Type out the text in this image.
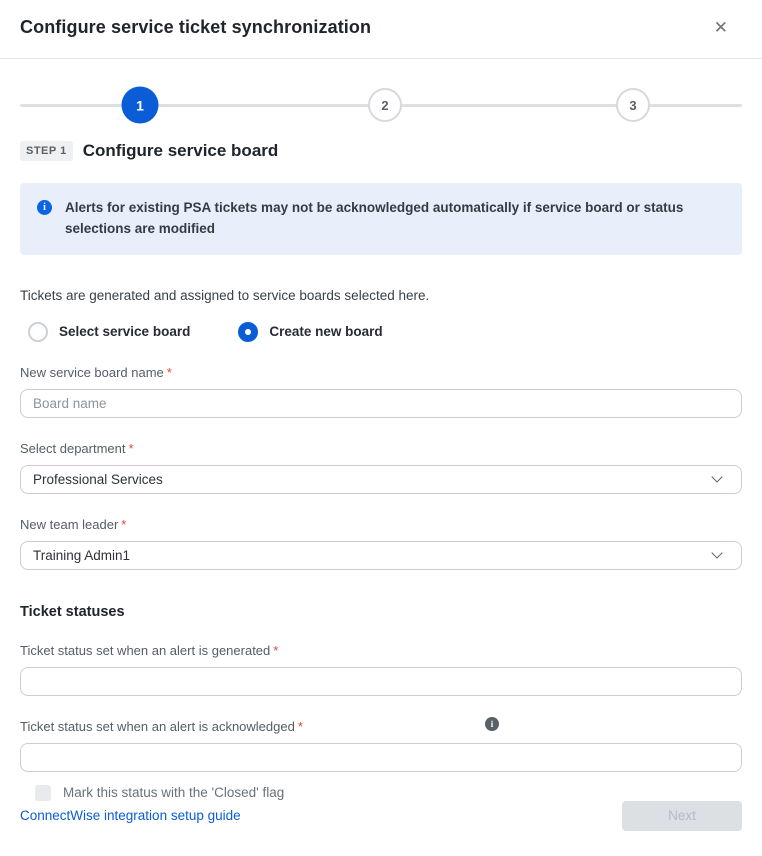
Configure service ticket synchronization	✕
1	2	3
STEP 1 Configure service board
i	Alerts for existing PSA tickets may not be acknowledged automatically if service board or status selections are modified
Tickets are generated and assigned to service boards selected here.
Select service board	Create new board
New service board name * Board name
Select department *
Professional Services
New team leader *
Training Admin1
Ticket statuses
Ticket status set when an alert is generated *
Ticket status set when an alert is acknowledged *	i
Mark this status with the 'Closed' flag
ConnectWise integration setup guide	Next
